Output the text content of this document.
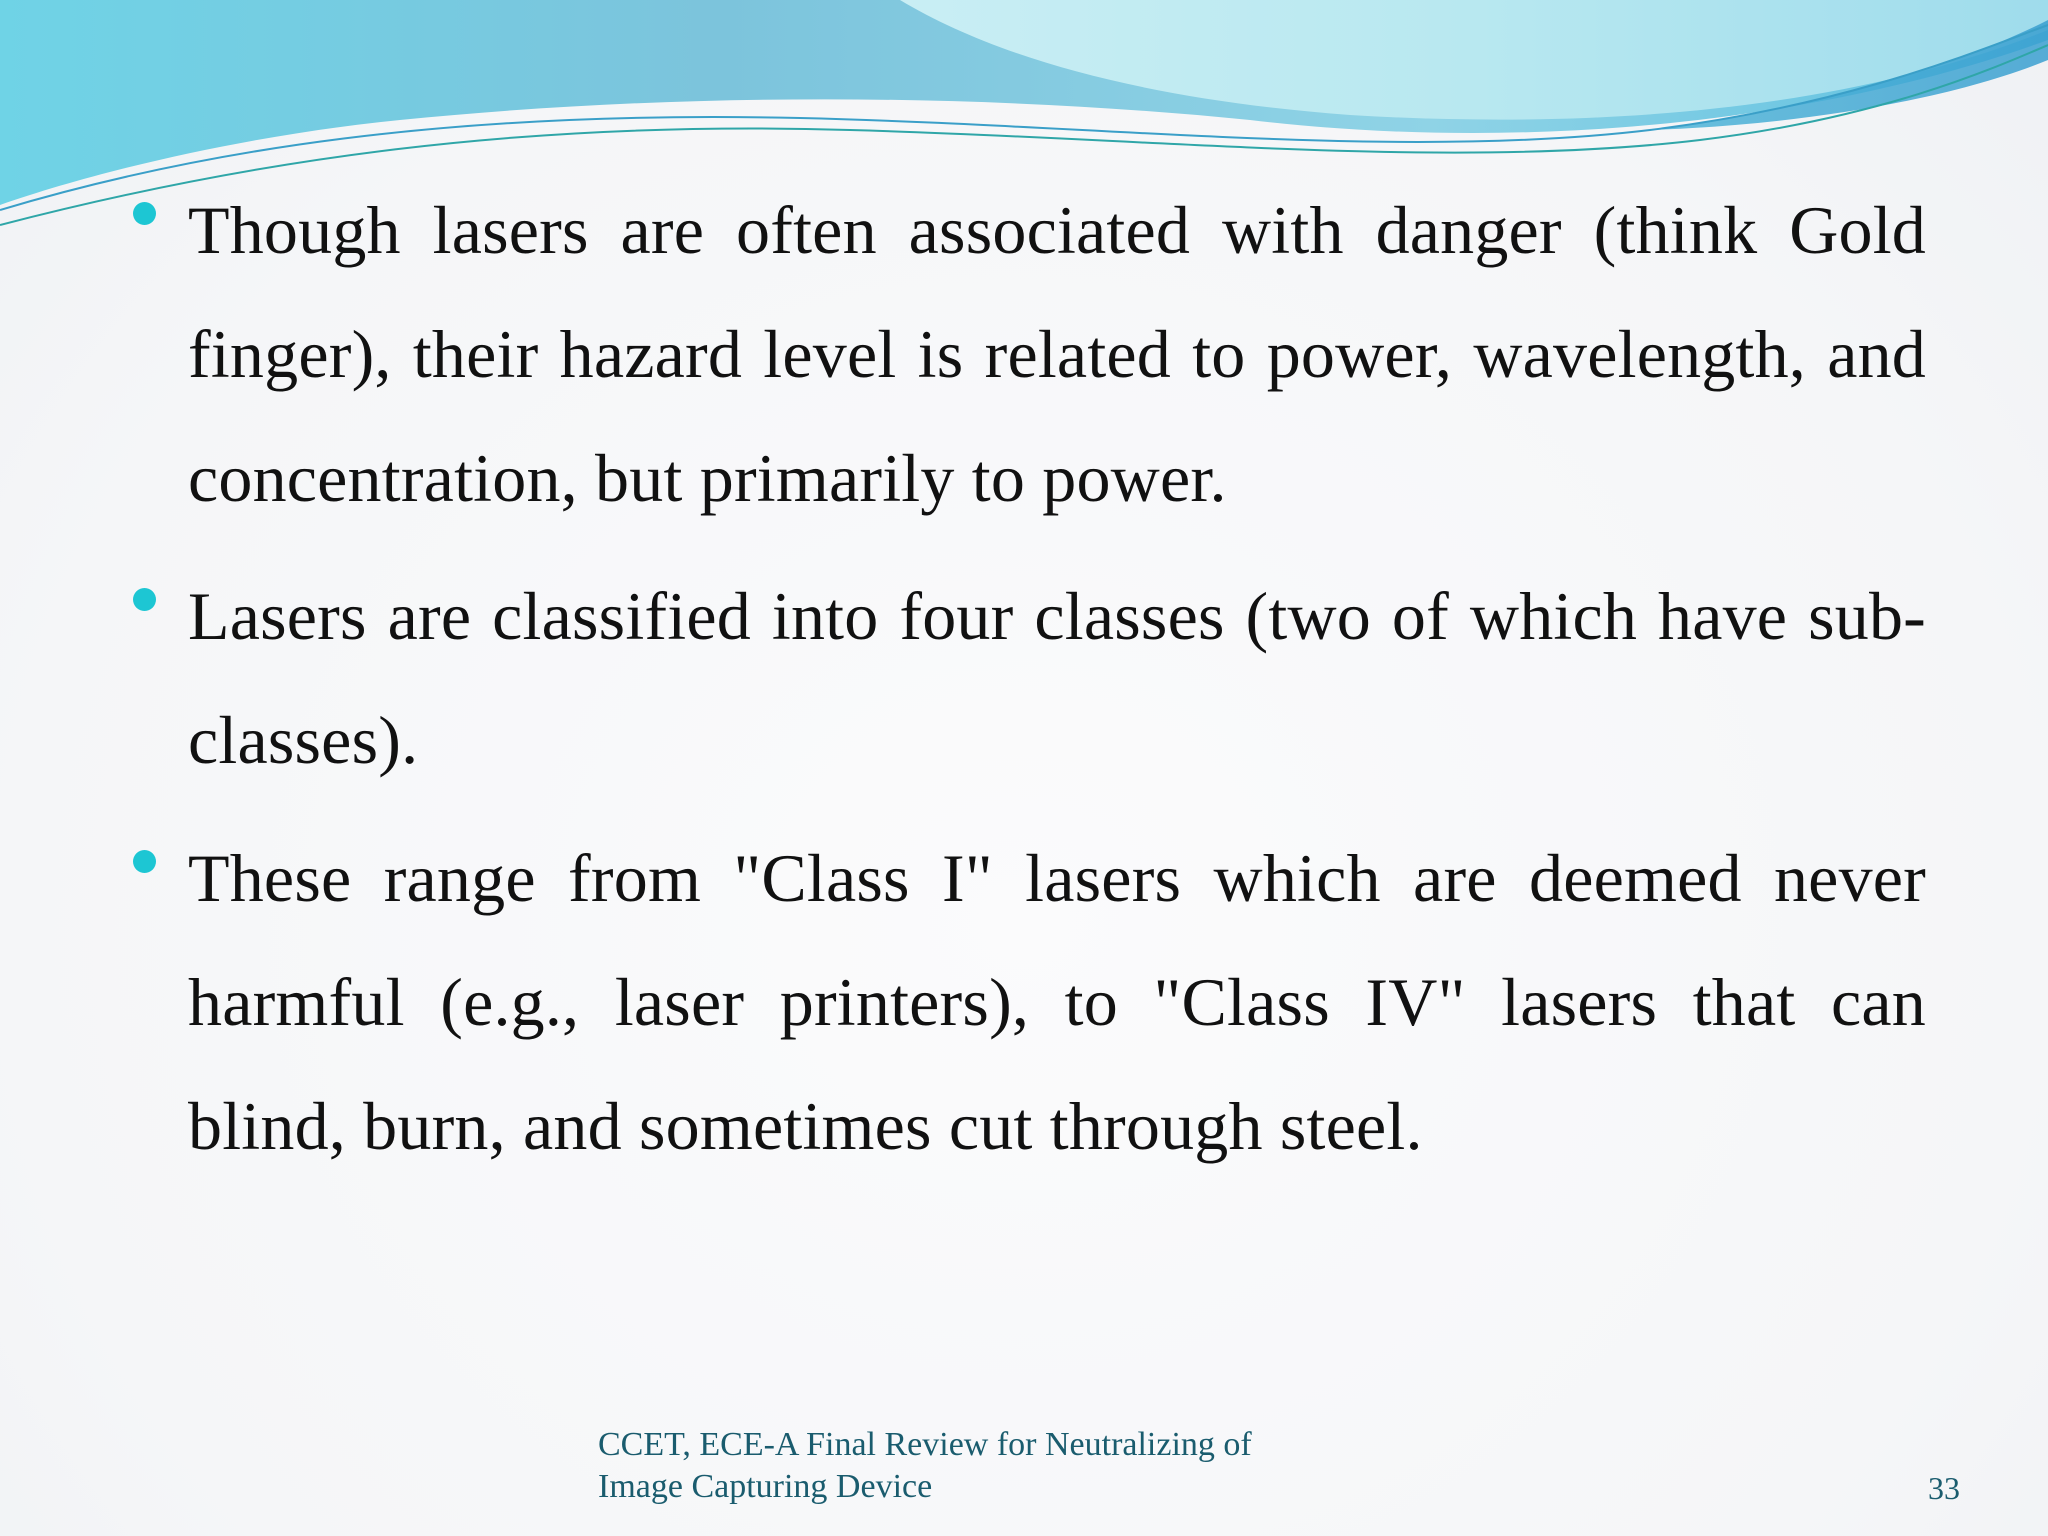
Though lasers are often associated with danger (think Gold finger), their hazard level is related to power, wavelength, and concentration, but primarily to power.
Lasers are classified into four classes (two of which have sub-classes).
These range from "Class I" lasers which are deemed never harmful (e.g., laser printers), to "Class IV" lasers that can blind, burn, and sometimes cut through steel.
CCET, ECE-A Final Review for Neutralizing of
Image Capturing Device	33
